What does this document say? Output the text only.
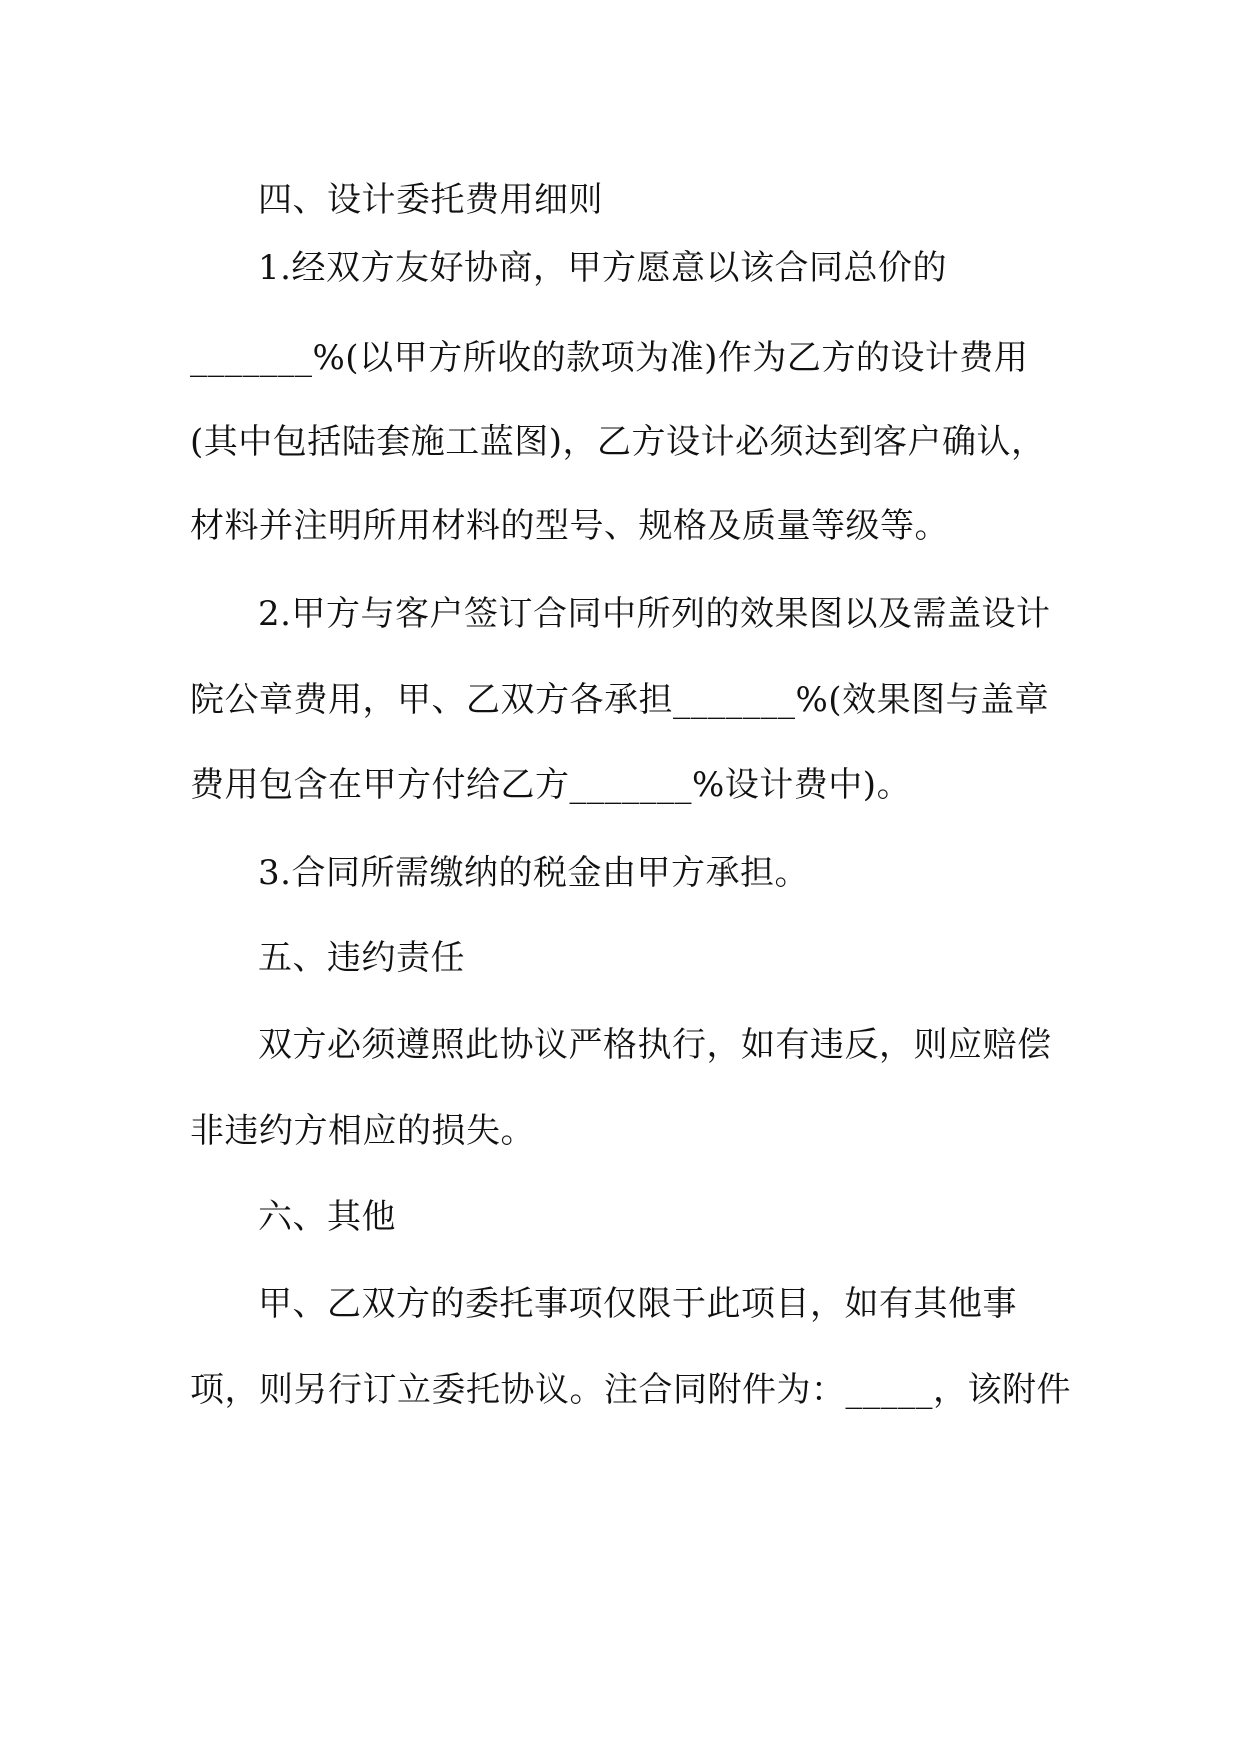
四、设计委托费用细则
1.经双方友好协商，甲方愿意以该合同总价的
_______%(以甲方所收的款项为准)作为乙方的设计费用
(其中包括陆套施工蓝图)，乙方设计必须达到客户确认，
材料并注明所用材料的型号、规格及质量等级等。
2.甲方与客户签订合同中所列的效果图以及需盖设计
院公章费用，甲、乙双方各承担_______%(效果图与盖章
费用包含在甲方付给乙方_______%设计费中)。
3.合同所需缴纳的税金由甲方承担。
五、违约责任
双方必须遵照此协议严格执行，如有违反，则应赔偿
非违约方相应的损失。
六、其他
甲、乙双方的委托事项仅限于此项目，如有其他事
项，则另行订立委托协议。注合同附件为：_____，该附件
